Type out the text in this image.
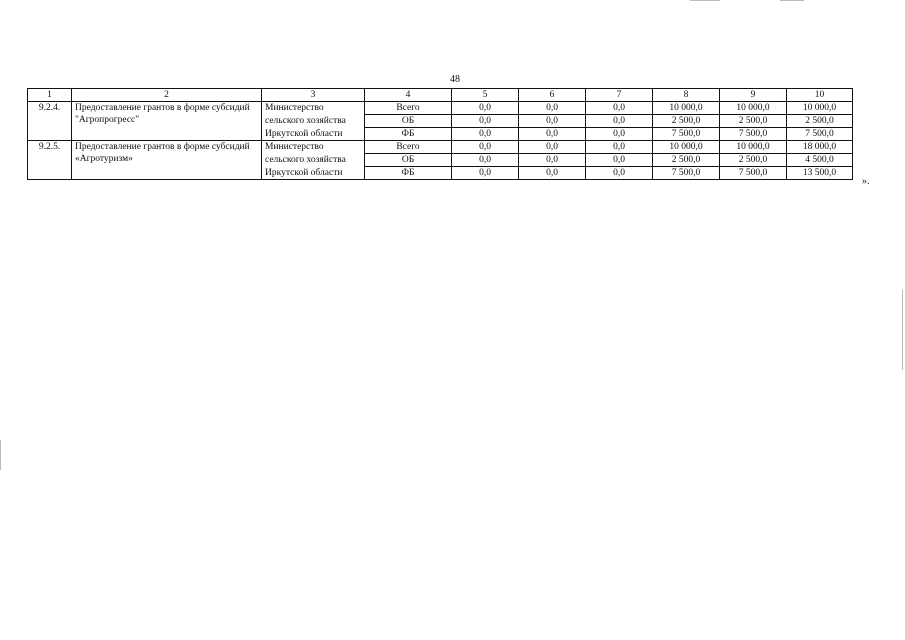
48
1	2	3	4	5	6	7	8	9	10
9.2.4.	Предоставление грантов в форме субсидий "Агропрогресс"	Министерство	Всего	0,0	0,0	0,0	10 000,0	10 000,0	10 000,0
		сельского хозяйства	ОБ	0,0	0,0	0,0	2 500,0	2 500,0	2 500,0
		Иркутской области	ФБ	0,0	0,0	0,0	7 500,0	7 500,0	7 500,0
9.2.5.	Предоставление грантов в форме субсидий «Агротуризм»	Министерство	Всего	0,0	0,0	0,0	10 000,0	10 000,0	18 000,0
		сельского хозяйства	ОБ	0,0	0,0	0,0	2 500,0	2 500,0	4 500,0
		Иркутской области	ФБ	0,0	0,0	0,0	7 500,0	7 500,0	13 500,0
».
